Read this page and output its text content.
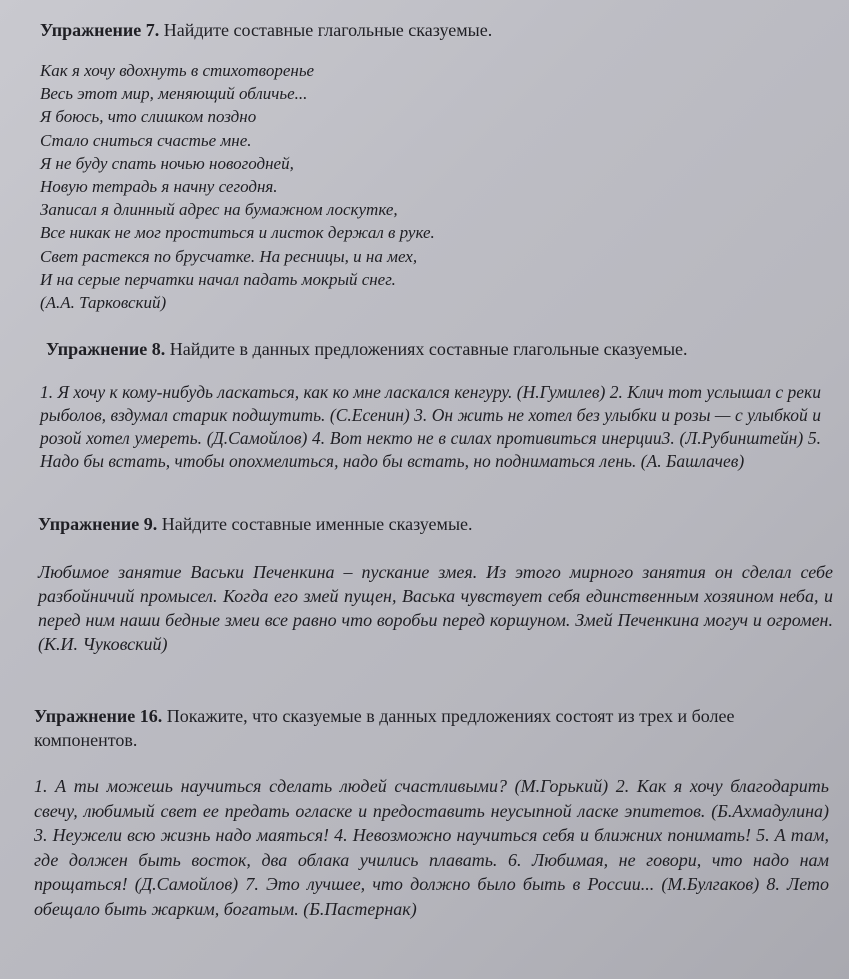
Упражнение 7. Найдите составные глагольные сказуемые.

Как я хочу вдохнуть в стихотворенье
Весь этот мир, меняющий обличье...
Я боюсь, что слишком поздно
Стало сниться счастье мне.
Я не буду спать ночью новогодней,
Новую тетрадь я начну сегодня.
Записал я длинный адрес на бумажном лоскутке,
Все никак не мог проститься и листок держал в руке.
Свет растекся по брусчатке. На ресницы, и на мех,
И на серые перчатки начал падать мокрый снег.
(А.А. Тарковский)

Упражнение 8. Найдите в данных предложениях составные глагольные сказуемые.

1. Я хочу к кому-нибудь ласкаться, как ко мне ласкался кенгуру. (Н.Гумилев) 2. Клич тот услышал с реки рыболов, вздумал старик подшутить. (С.Есенин) 3. Он жить не хотел без улыбки и розы — с улыбкой и розой хотел умереть. (Д.Самойлов) 4. Вот некто не в силах противиться инерции3. (Л.Рубинштейн) 5. Надо бы встать, чтобы опохмелиться, надо бы встать, но подниматься лень. (А. Башлачев)

Упражнение 9. Найдите составные именные сказуемые.

Любимое занятие Васьки Печенкина – пускание змея. Из этого мирного занятия он сделал себе разбойничий промысел. Когда его змей пущен, Васька чувствует себя единственным хозяином неба, и перед ним наши бедные змеи все равно что воробьи перед коршуном. Змей Печенкина могуч и огромен. (К.И. Чуковский)

Упражнение 16. Покажите, что сказуемые в данных предложениях состоят из трех и более компонентов.

1. А ты можешь научиться сделать людей счастливыми? (М.Горький) 2. Как я хочу благодарить свечу, любимый свет ее предать огласке и предоставить неусыпной ласке эпитетов. (Б.Ахмадулина) 3. Неужели всю жизнь надо маяться! 4. Невозможно научиться себя и ближних понимать! 5. А там, где должен быть восток, два облака учились плавать. 6. Любимая, не говори, что надо нам прощаться! (Д.Самойлов) 7. Это лучшее, что должно было быть в России... (М.Булгаков) 8. Лето обещало быть жарким, богатым. (Б.Пастернак)
